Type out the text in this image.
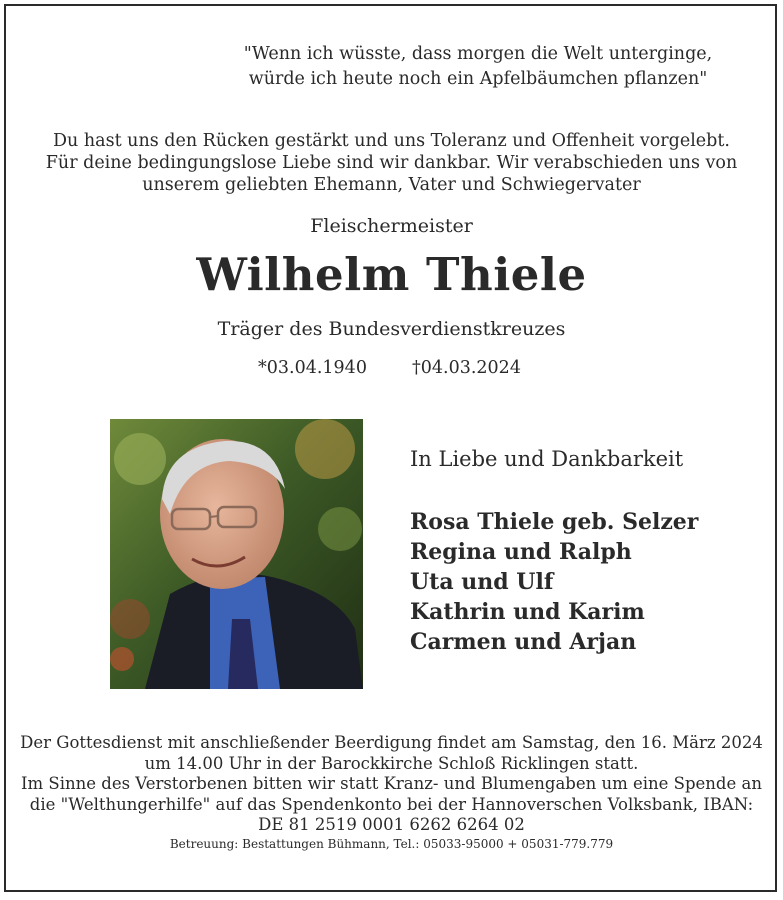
"Wenn ich wüsste, dass morgen die Welt unterginge,
würde ich heute noch ein Apfelbäumchen pflanzen"
Du hast uns den Rücken gestärkt und uns Toleranz und Offenheit vorgelebt.
Für deine bedingungslose Liebe sind wir dankbar. Wir verabschieden uns von
unserem geliebten Ehemann, Vater und Schwiegervater
Fleischermeister
Wilhelm Thiele
Träger des Bundesverdienstkreuzes
*03.04.1940	†04.03.2024
In Liebe und Dankbarkeit
Rosa Thiele geb. Selzer
Regina und Ralph
Uta und Ulf
Kathrin und Karim
Carmen und Arjan
Der Gottesdienst mit anschließender Beerdigung findet am Samstag, den 16. März 2024
um 14.00 Uhr in der Barockkirche Schloß Ricklingen statt.
Im Sinne des Verstorbenen bitten wir statt Kranz- und Blumengaben um eine Spende an
die "Welthungerhilfe" auf das Spendenkonto bei der Hannoverschen Volksbank, IBAN:
DE 81 2519 0001 6262 6264 02
Betreuung: Bestattungen Bühmann, Tel.: 05033-95000 + 05031-779.779
